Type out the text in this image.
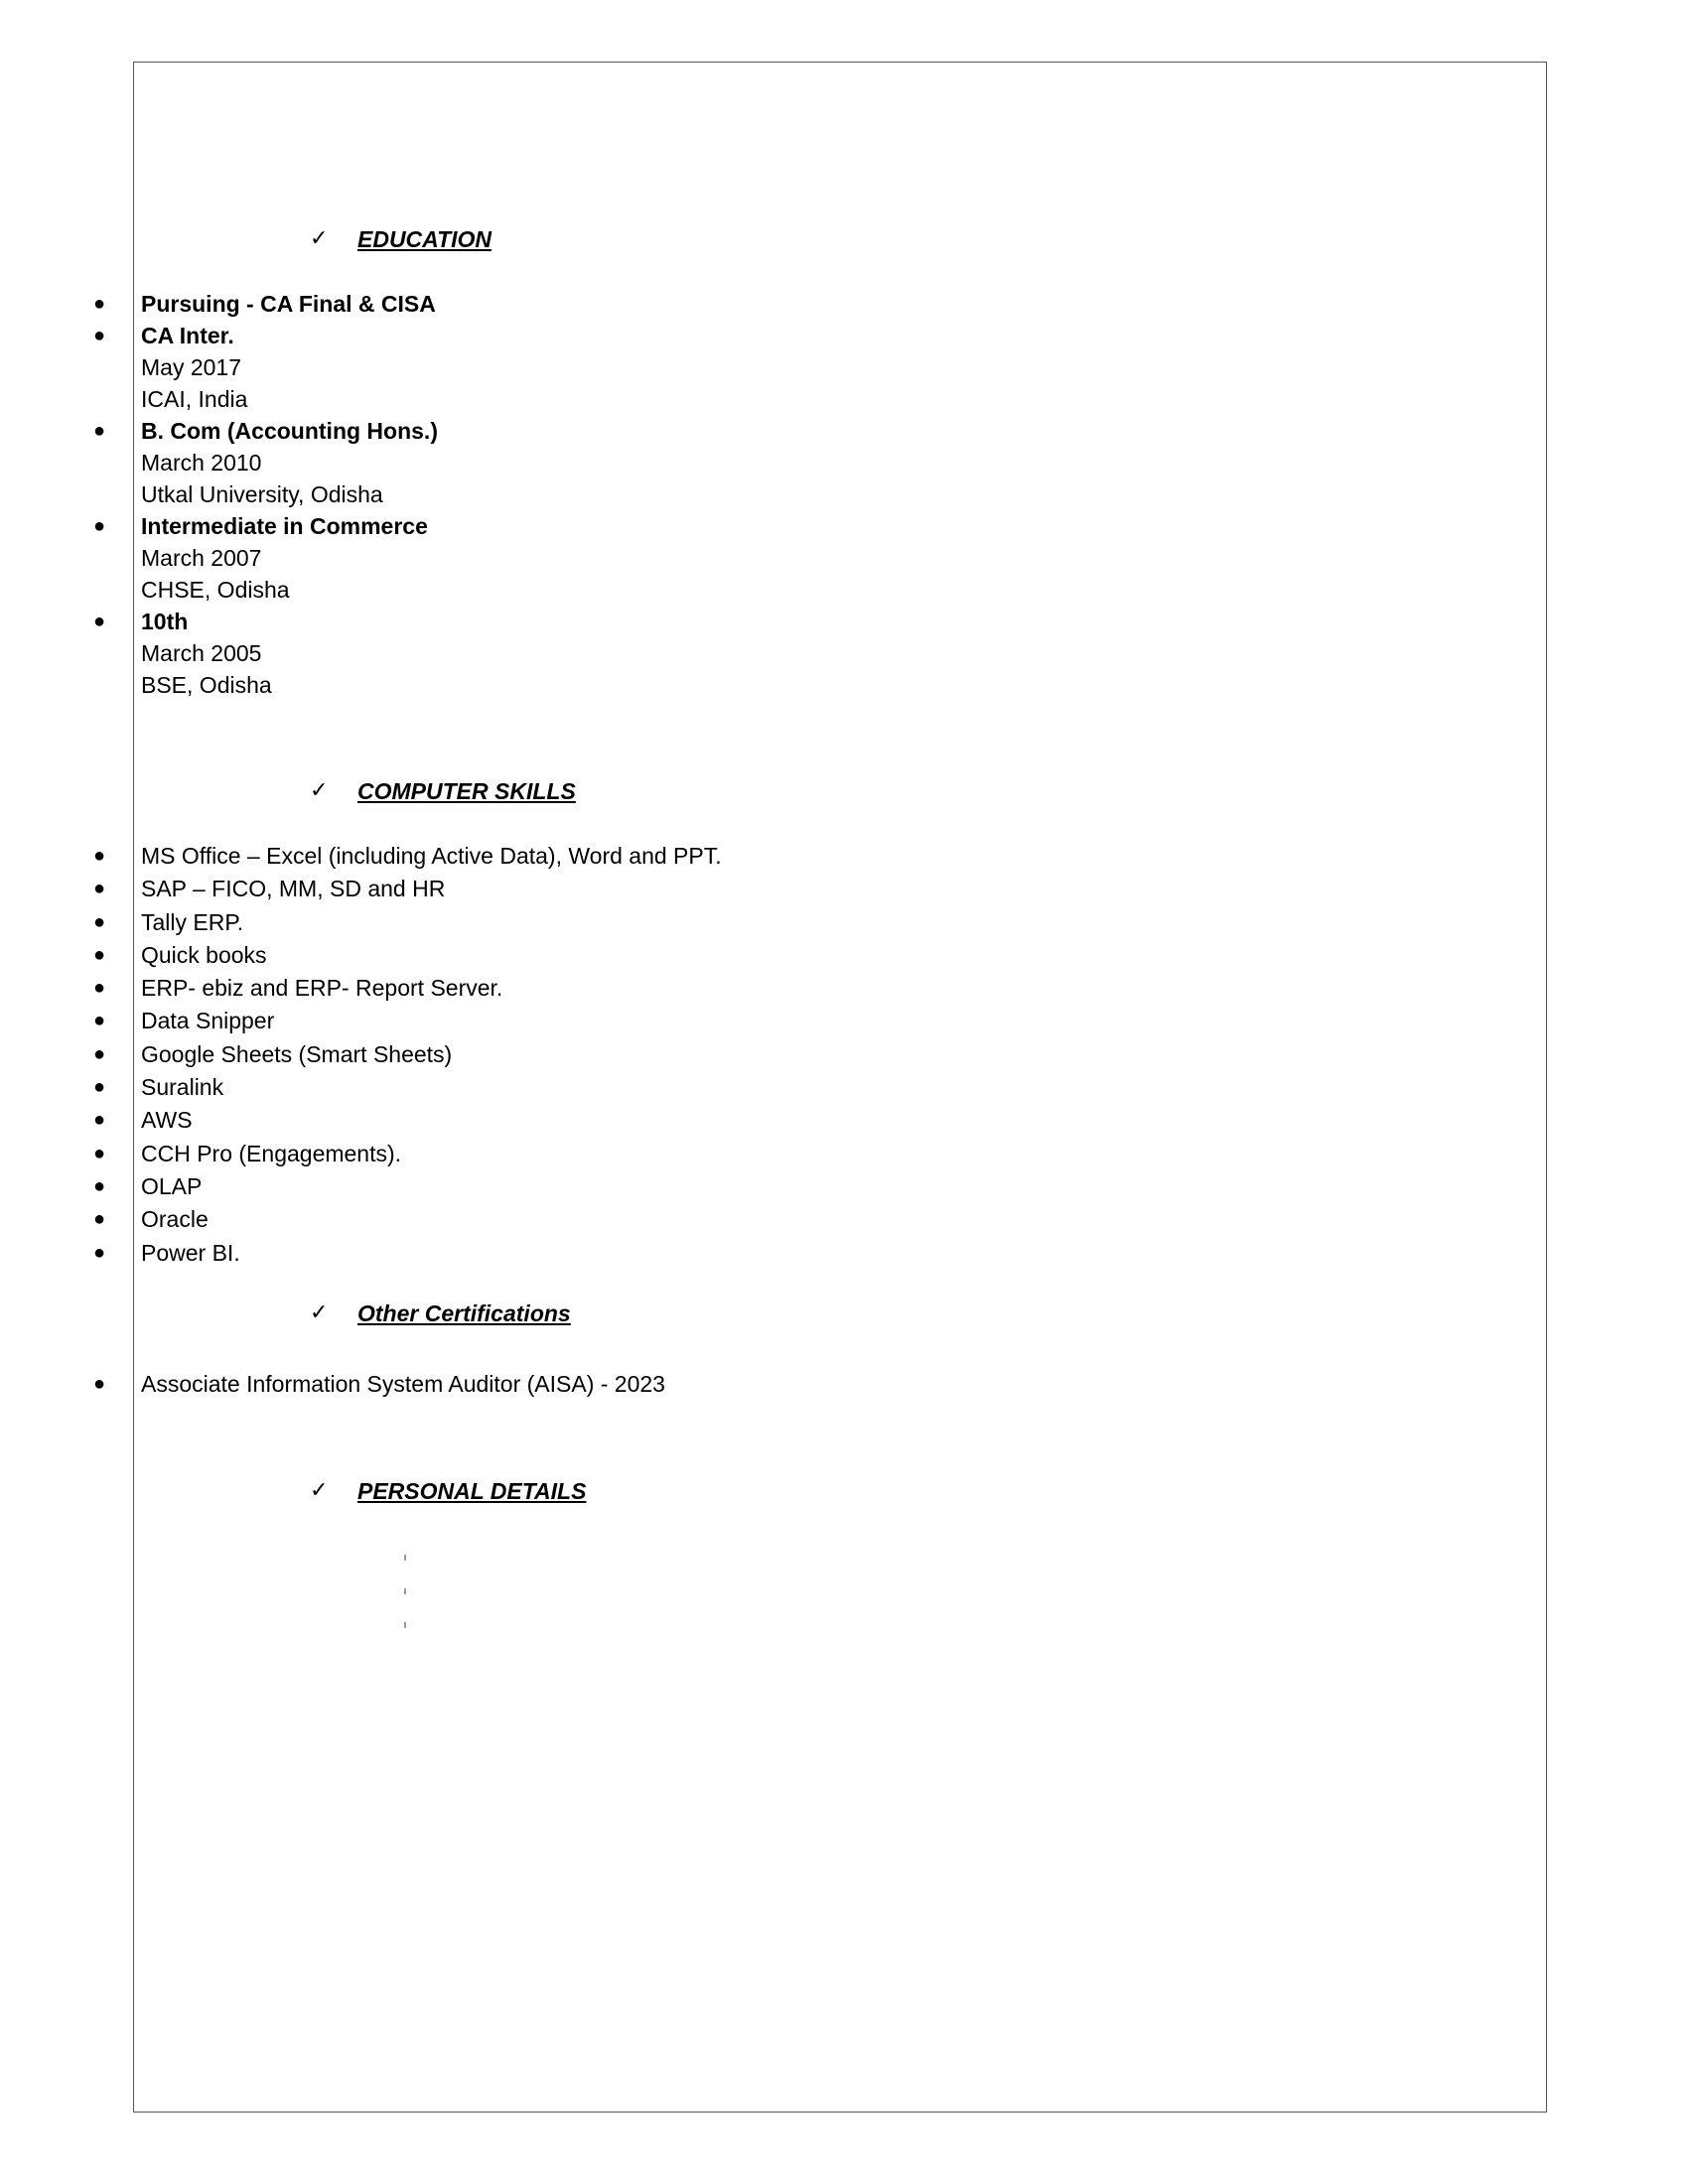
✓	EDUCATION
● Pursuing - CA Final & CISA
● CA Inter.
May 2017
ICAI, India
● B. Com (Accounting Hons.)
March 2010
Utkal University, Odisha
● Intermediate in Commerce
March 2007
CHSE, Odisha
● 10th
March 2005
BSE, Odisha
✓	COMPUTER SKILLS
● MS Office – Excel (including Active Data), Word and PPT.
● SAP – FICO, MM, SD and HR
● Tally ERP.
● Quick books
● ERP- ebiz and ERP- Report Server.
● Data Snipper
● Google Sheets (Smart Sheets)
● Suralink
● AWS
● CCH Pro (Engagements).
● OLAP
● Oracle
● Power BI.
✓	Other Certifications
● Associate Information System Auditor (AISA) - 2023
✓	PERSONAL DETAILS
